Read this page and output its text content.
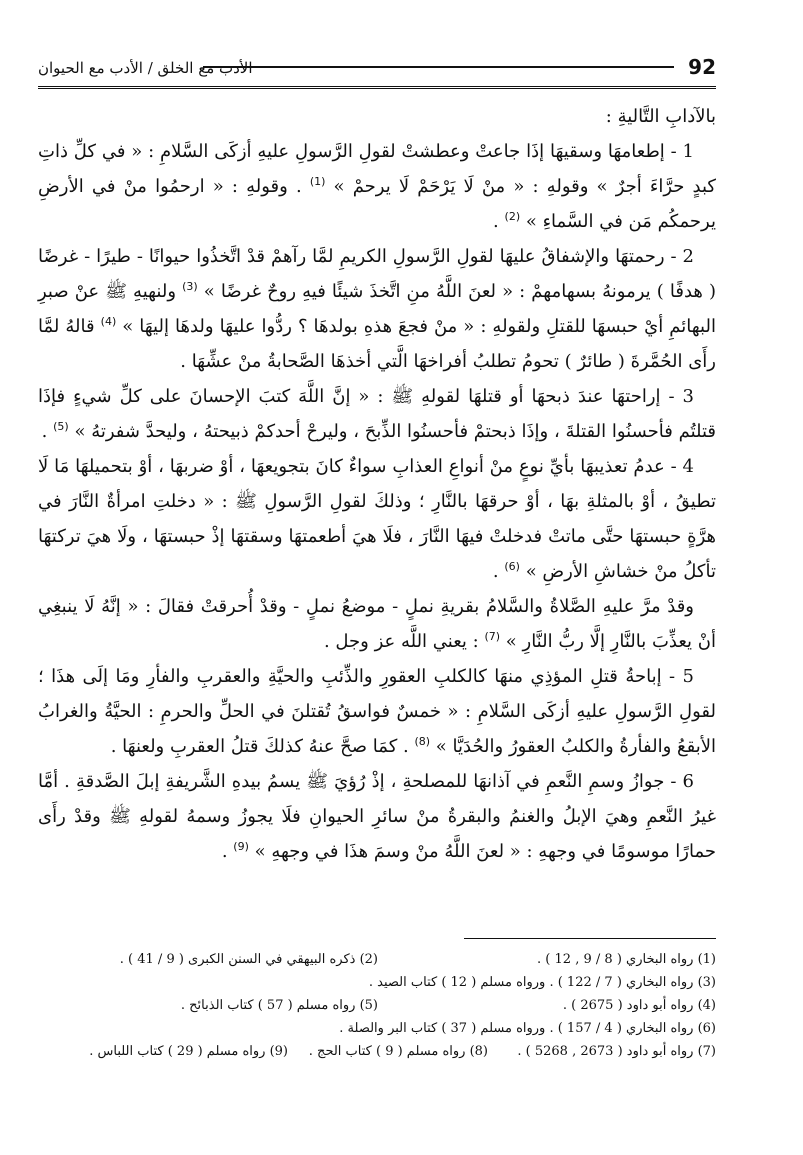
92
الأدب مع الخلق / الأدب مع الحيوان

بالآدابِ التَّاليةِ :

1 - إطعامهَا وسقيهَا إذَا جاعتْ وعطشتْ لقولِ الرَّسولِ عليهِ أزكَى السَّلامِ : « في كلِّ ذاتِ كبدٍ حرَّاءَ أجرٌ » وقولهِ : « منْ لَا يَرْحَمْ لَا يرحمْ » $^{(1)}$ . وقولهِ : « ارحمُوا منْ في الأرضِ يرحمكُم مَن في السَّماءِ » $^{(2)}$ .

2 - رحمتهَا والإشفاقُ عليهَا لقولِ الرَّسولِ الكريمِ لمَّا رآهمْ قدْ اتَّخذُوا حيوانًا - طيرًا - غرضًا ( هدفًا ) يرمونهُ بسهامهمْ : « لعنَ اللَّهُ منِ اتَّخذَ شيئًا فيهِ روحٌ غرضًا » $^{(3)}$ ولنهيهِ ﷺ عنْ صبرِ البهائمِ أيْ حبسهَا للقتلِ ولقولهِ : « منْ فجعَ هذهِ بولدهَا ؟ ردُّوا عليهَا ولدهَا إليهَا » $^{(4)}$ قالهُ لمَّا رأَى الحُمَّرةَ ( طائرٌ ) تحومُ تطلبُ أفراخهَا الَّتي أخذهَا الصَّحابةُ منْ عشِّهَا .

3 - إراحتهَا عندَ ذبحهَا أو قتلهَا لقولهِ ﷺ : « إنَّ اللَّهَ كتبَ الإحسانَ على كلِّ شيءٍ فإذَا قتلتُم فأحسنُوا القتلةَ ، وإذَا ذبحتمْ فأحسنُوا الذِّبحَ ، وليرحْ أحدكمْ ذبيحتهُ ، وليحدَّ شفرتهُ » $^{(5)}$ .

4 - عدمُ تعذيبهَا بأيِّ نوعٍ منْ أنواعِ العذابِ سواءٌ كانَ بتجويعهَا ، أوْ ضربهَا ، أوْ بتحميلهَا مَا لَا تطيقُ ، أوْ بالمثلةِ بهَا ، أوْ حرقهَا بالنَّارِ ؛ وذلكَ لقولِ الرَّسولِ ﷺ : « دخلتِ امرأةٌ النَّارَ في هرَّةٍ حبستهَا حتَّى ماتتْ فدخلتْ فيهَا النَّارَ ، فلَا هيَ أطعمتهَا وسقتهَا إذْ حبستهَا ، ولَا هيَ تركتهَا تأكلُ منْ خشاشِ الأرضِ » $^{(6)}$ .

وقدْ مرَّ عليهِ الصَّلاةُ والسَّلامُ بقريةِ نملٍ - موضعُ نملٍ - وقدْ أُحرقتْ فقالَ : « إنَّهُ لَا ينبغِي أنْ يعذِّبَ بالنَّارِ إلَّا ربُّ النَّارِ » $^{(7)}$ : يعني اللَّه عز وجل .

5 - إباحةُ قتلِ المؤذِي منهَا كالكلبِ العقورِ والذِّئبِ والحيَّةِ والعقربِ والفأرِ ومَا إلَى هذَا ؛ لقولِ الرَّسولِ عليهِ أزكَى السَّلامِ : « خمسٌ فواسقُ تُقتلنَ في الحلِّ والحرمِ : الحيَّةُ والغرابُ الأبقعُ والفأرةُ والكلبُ العقورُ والحُدَيَّا » $^{(8)}$ . كمَا صحَّ عنهُ كذلكَ قتلُ العقربِ ولعنهَا .

6 - جوازُ وسمِ النَّعمِ في آذانهَا للمصلحةِ ، إذْ رُؤيَ ﷺ يسمُ بيدهِ الشَّريفةِ إبلَ الصَّدقةِ . أمَّا غيرُ النَّعمِ وهيَ الإبلُ والغنمُ والبقرةُ منْ سائرِ الحيوانِ فلَا يجوزُ وسمهُ لقولهِ ﷺ وقدْ رأَى حمارًا موسومًا في وجههِ : « لعنَ اللَّهُ منْ وسمَ هذَا في وجههِ » $^{(9)}$ .

(1) رواه البخاري ( 8 / 9 , 12 ) .
(2) ذكره البيهقي في السنن الكبرى ( 9 / 41 ) .
(3) رواه البخاري ( 7 / 122 ) . ورواه مسلم ( 12 ) كتاب الصيد .
(4) رواه أبو داود ( 2675 ) .
(5) رواه مسلم ( 57 ) كتاب الذبائح .
(6) رواه البخاري ( 4 / 157 ) . ورواه مسلم ( 37 ) كتاب البر والصلة .
(7) رواه أبو داود ( 2673 , 5268 ) .
(8) رواه مسلم ( 9 ) كتاب الحج .
(9) رواه مسلم ( 29 ) كتاب اللباس .
